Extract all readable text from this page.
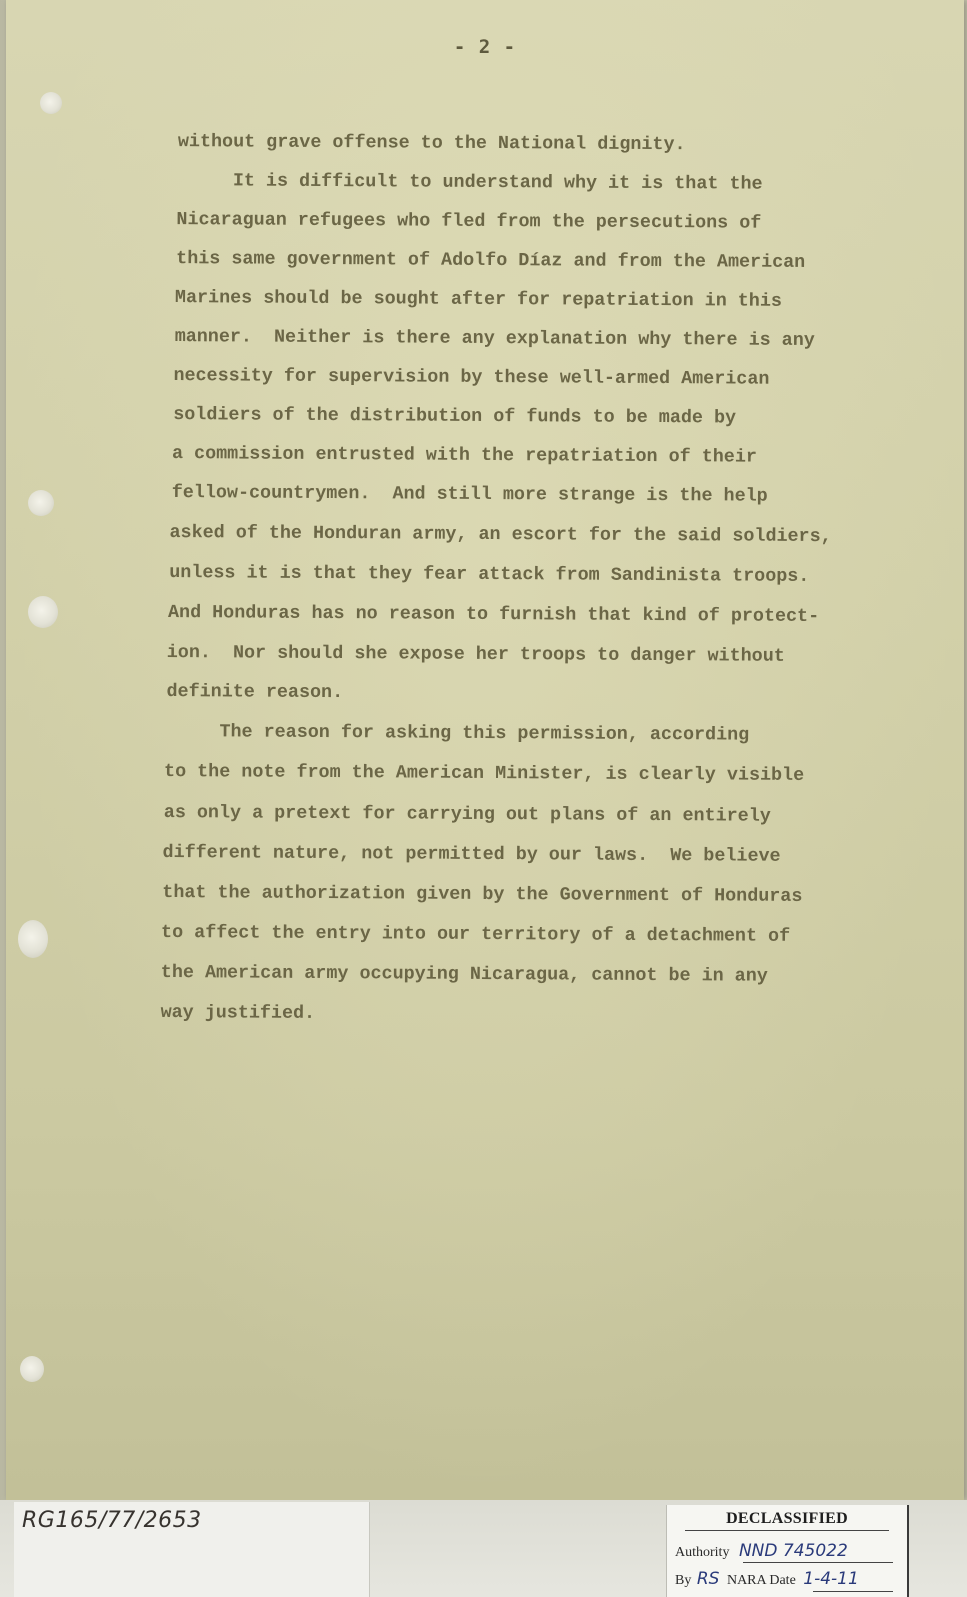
- 2 -
without grave offense to the National dignity.
It is difficult to understand why it is that the
Nicaraguan refugees who fled from the persecutions of
this same government of Adolfo Díaz and from the American
Marines should be sought after for repatriation in this
manner.  Neither is there any explanation why there is any
necessity for supervision by these well-armed American
soldiers of the distribution of funds to be made by
a commission entrusted with the repatriation of their
fellow-countrymen.  And still more strange is the help
asked of the Honduran army, an escort for the said soldiers,
unless it is that they fear attack from Sandinista troops.
And Honduras has no reason to furnish that kind of protect-
ion.  Nor should she expose her troops to danger without
definite reason.
The reason for asking this permission, according
to the note from the American Minister, is clearly visible
as only a pretext for carrying out plans of an entirely
different nature, not permitted by our laws.  We believe
that the authorization given by the Government of Honduras
to affect the entry into our territory of a detachment of
the American army occupying Nicaragua, cannot be in any
way justified.
RG165/77/2653	DECLASSIFIED
Authority NND 745022
By RS NARA Date 1-4-11
